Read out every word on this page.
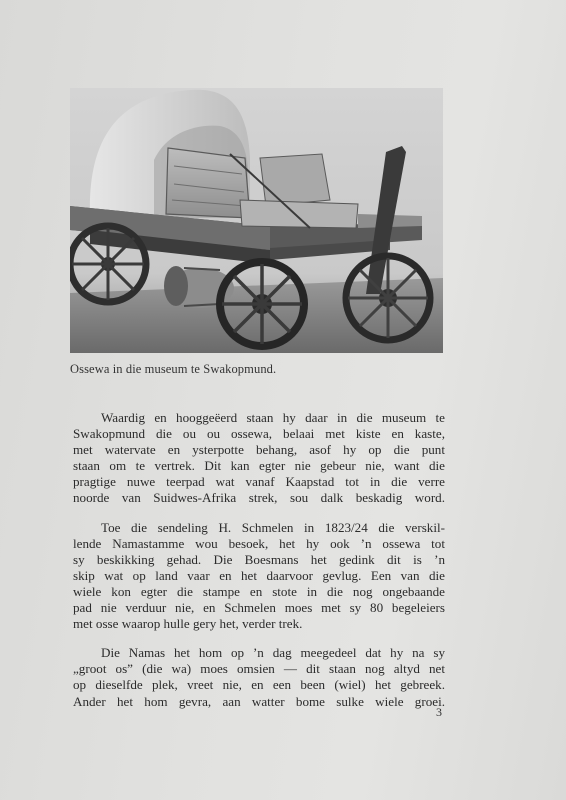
Ossewa in die museum te Swakopmund.

Waardig en hooggeëerd staan hy daar in die museum te
Swakopmund die ou ou ossewa, belaai met kiste en kaste,
met watervate en ysterpotte behang, asof hy op die punt
staan om te vertrek. Dit kan egter nie gebeur nie, want die
pragtige nuwe teerpad wat vanaf Kaapstad tot in die verre
noorde van Suidwes-Afrika strek, sou dalk beskadig word.

Toe die sendeling H. Schmelen in 1823/24 die verskil-
lende Namastamme wou besoek, het hy ook ’n ossewa tot
sy beskikking gehad. Die Boesmans het gedink dit is ’n
skip wat op land vaar en het daarvoor gevlug. Een van die
wiele kon egter die stampe en stote in die nog ongebaande
pad nie verduur nie, en Schmelen moes met sy 80 begeleiers
met osse waarop hulle gery het, verder trek.

Die Namas het hom op ’n dag meegedeel dat hy na sy
„groot os” (die wa) moes omsien — dit staan nog altyd net
op dieselfde plek, vreet nie, en een been (wiel) het gebreek.
Ander het hom gevra, aan watter bome sulke wiele groei.

3
